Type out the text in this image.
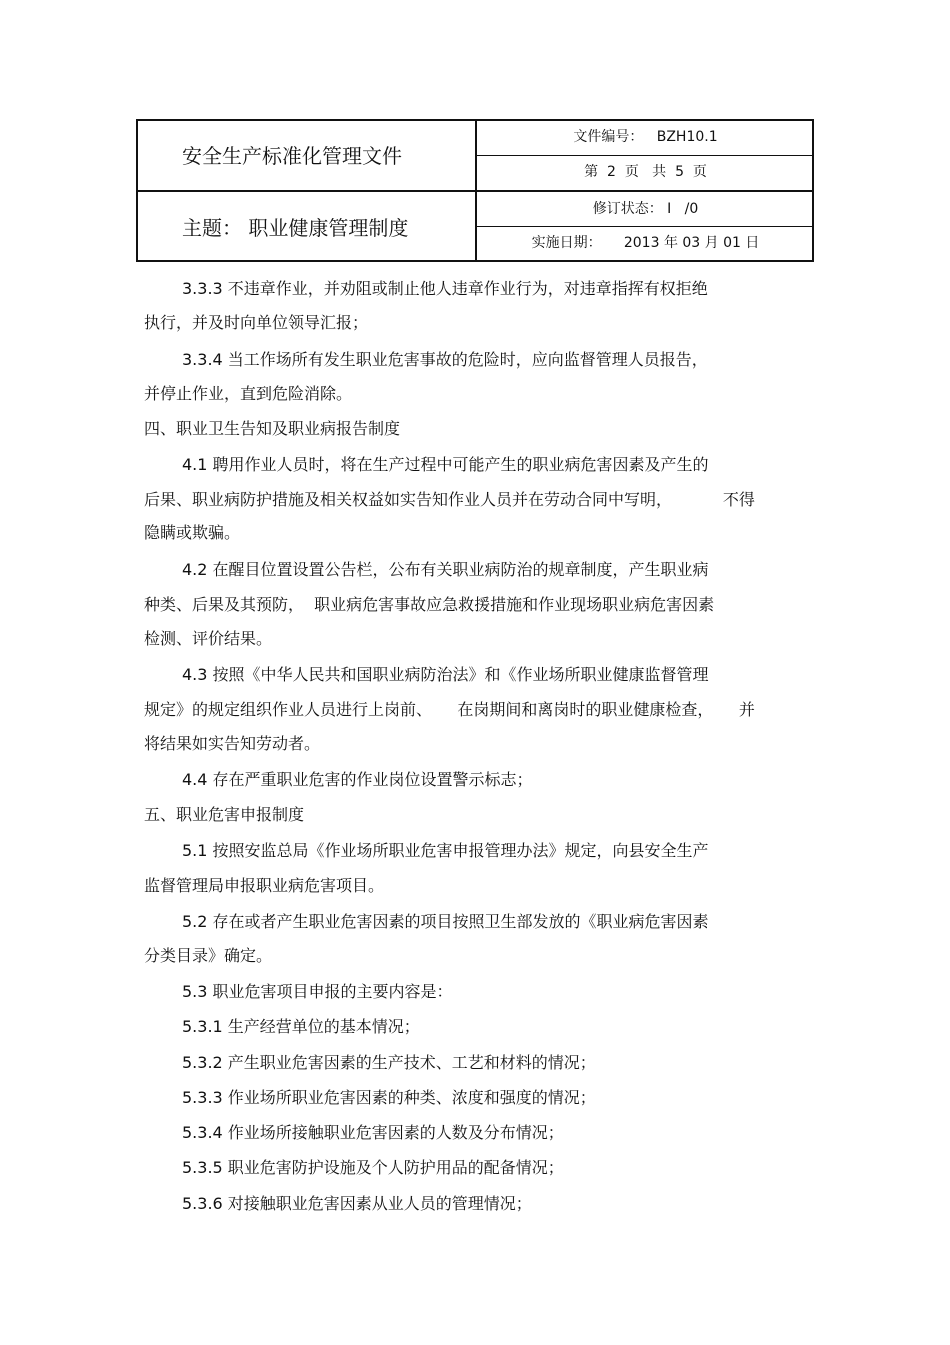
安全生产标准化管理文件
主题： 职业健康管理制度
文件编号：   BZH10.1
第  2  页   共  5  页
修订状态： Ⅰ   /0
实施日期：     2013 年 03 月 01 日
3.3.3 不违章作业，并劝阻或制止他人违章作业行为，对违章指挥有权拒绝
执行，并及时向单位领导汇报；
3.3.4 当工作场所有发生职业危害事故的危险时，应向监督管理人员报告，
并停止作业，直到危险消除。
四、职业卫生告知及职业病报告制度
4.1 聘用作业人员时，将在生产过程中可能产生的职业病危害因素及产生的
后果、职业病防护措施及相关权益如实告知作业人员并在劳动合同中写明，          不得
隐瞒或欺骗。
4.2 在醒目位置设置公告栏，公布有关职业病防治的规章制度，产生职业病
种类、后果及其预防，  职业病危害事故应急救援措施和作业现场职业病危害因素
检测、评价结果。
4.3 按照《中华人民共和国职业病防治法》和《作业场所职业健康监督管理
规定》的规定组织作业人员进行上岗前、     在岗期间和离岗时的职业健康检查，     并
将结果如实告知劳动者。
4.4 存在严重职业危害的作业岗位设置警示标志；
五、职业危害申报制度
5.1 按照安监总局《作业场所职业危害申报管理办法》规定，向县安全生产
监督管理局申报职业病危害项目。
5.2 存在或者产生职业危害因素的项目按照卫生部发放的《职业病危害因素
分类目录》确定。
5.3 职业危害项目申报的主要内容是：
5.3.1 生产经营单位的基本情况；
5.3.2 产生职业危害因素的生产技术、工艺和材料的情况；
5.3.3 作业场所职业危害因素的种类、浓度和强度的情况；
5.3.4 作业场所接触职业危害因素的人数及分布情况；
5.3.5 职业危害防护设施及个人防护用品的配备情况；
5.3.6 对接触职业危害因素从业人员的管理情况；
